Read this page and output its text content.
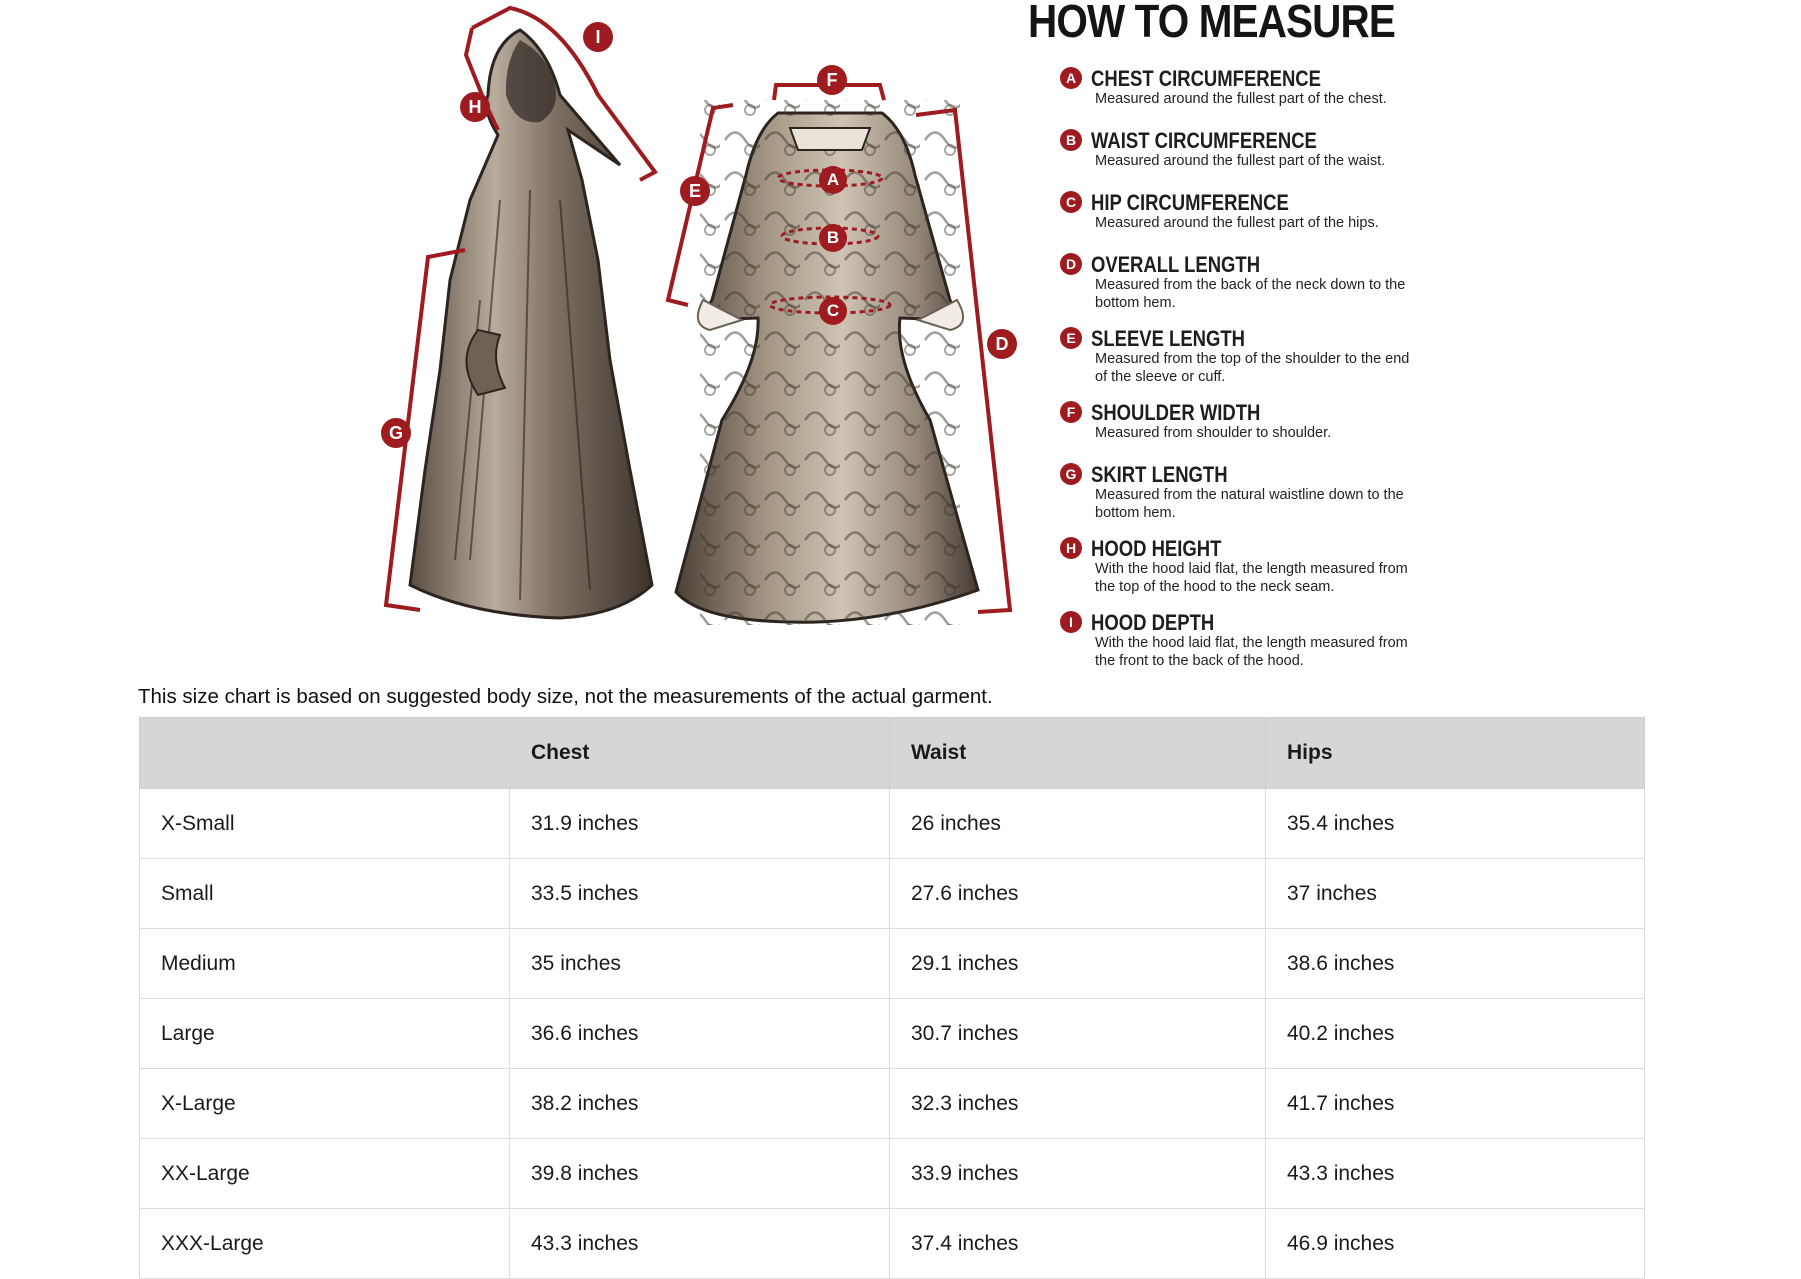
I
H
G
F
E
A
B
C
D
HOW TO MEASURE
A CHEST CIRCUMFERENCE
Measured around the fullest part of the chest.
B WAIST CIRCUMFERENCE
Measured around the fullest part of the waist.
C HIP CIRCUMFERENCE
Measured around the fullest part of the hips.
D OVERALL LENGTH
Measured from the back of the neck down to the bottom hem.
E SLEEVE LENGTH
Measured from the top of the shoulder to the end of the sleeve or cuff.
F SHOULDER WIDTH
Measured from shoulder to shoulder.
G SKIRT LENGTH
Measured from the natural waistline down to the bottom hem.
H HOOD HEIGHT
With the hood laid flat, the length measured from the top of the hood to the neck seam.
I HOOD DEPTH
With the hood laid flat, the length measured from the front to the back of the hood.
This size chart is based on suggested body size, not the measurements of the actual garment.
	Chest	Waist	Hips
X-Small	31.9 inches	26 inches	35.4 inches
Small	33.5 inches	27.6 inches	37 inches
Medium	35 inches	29.1 inches	38.6 inches
Large	36.6 inches	30.7 inches	40.2 inches
X-Large	38.2 inches	32.3 inches	41.7 inches
XX-Large	39.8 inches	33.9 inches	43.3 inches
XXX-Large	43.3 inches	37.4 inches	46.9 inches
